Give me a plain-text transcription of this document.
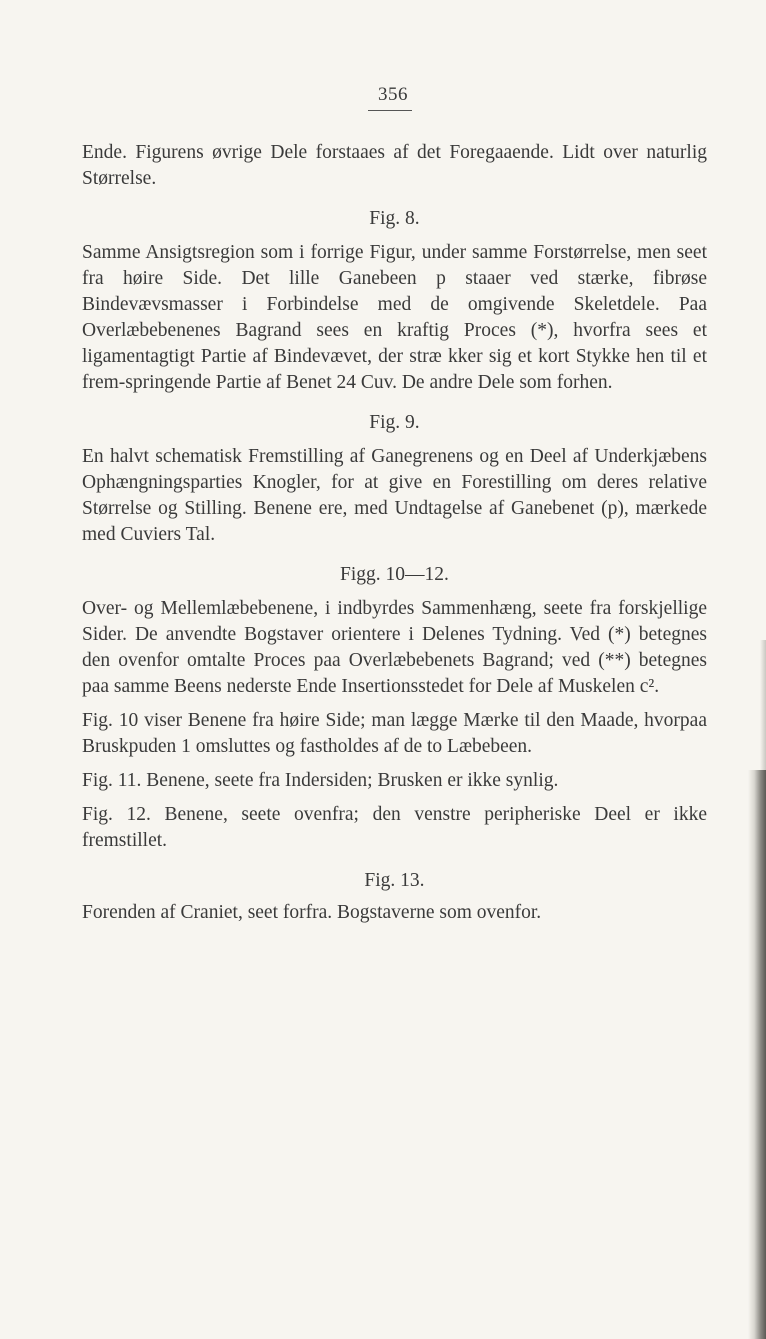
356

Ende. Figurens øvrige Dele forstaaes af det Foregaaende. Lidt over naturlig Størrelse.

Fig. 8.

Samme Ansigtsregion som i forrige Figur, under samme Forstørrelse, men seet fra høire Side. Det lille Ganebeen p staaer ved stærke, fibrøse Bindevævsmasser i Forbindelse med de omgivende Skeletdele. Paa Overlæbebenenes Bagrand sees en kraftig Proces (*), hvorfra sees et ligamentagtigt Partie af Bindevævet, der stræ kker sig et kort Stykke hen til et frem-springende Partie af Benet 24 Cuv. De andre Dele som forhen.

Fig. 9.

En halvt schematisk Fremstilling af Ganegrenens og en Deel af Underkjæbens Ophængningsparties Knogler, for at give en Forestilling om deres relative Størrelse og Stilling. Benene ere, med Undtagelse af Ganebenet (p), mærkede med Cuviers Tal.

Figg. 10—12.

Over- og Mellemlæbebenene, i indbyrdes Sammenhæng, seete fra forskjellige Sider. De anvendte Bogstaver orientere i Delenes Tydning. Ved (*) betegnes den ovenfor omtalte Proces paa Overlæbebenets Bagrand; ved (**) betegnes paa samme Beens nederste Ende Insertionsstedet for Dele af Muskelen c².

Fig. 10 viser Benene fra høire Side; man lægge Mærke til den Maade, hvorpaa Bruskpuden 1 omsluttes og fastholdes af de to Læbebeen.

Fig. 11. Benene, seete fra Indersiden; Brusken er ikke synlig.

Fig. 12. Benene, seete ovenfra; den venstre peripheriske Deel er ikke fremstillet.

Fig. 13.

Forenden af Craniet, seet forfra. Bogstaverne som ovenfor.
